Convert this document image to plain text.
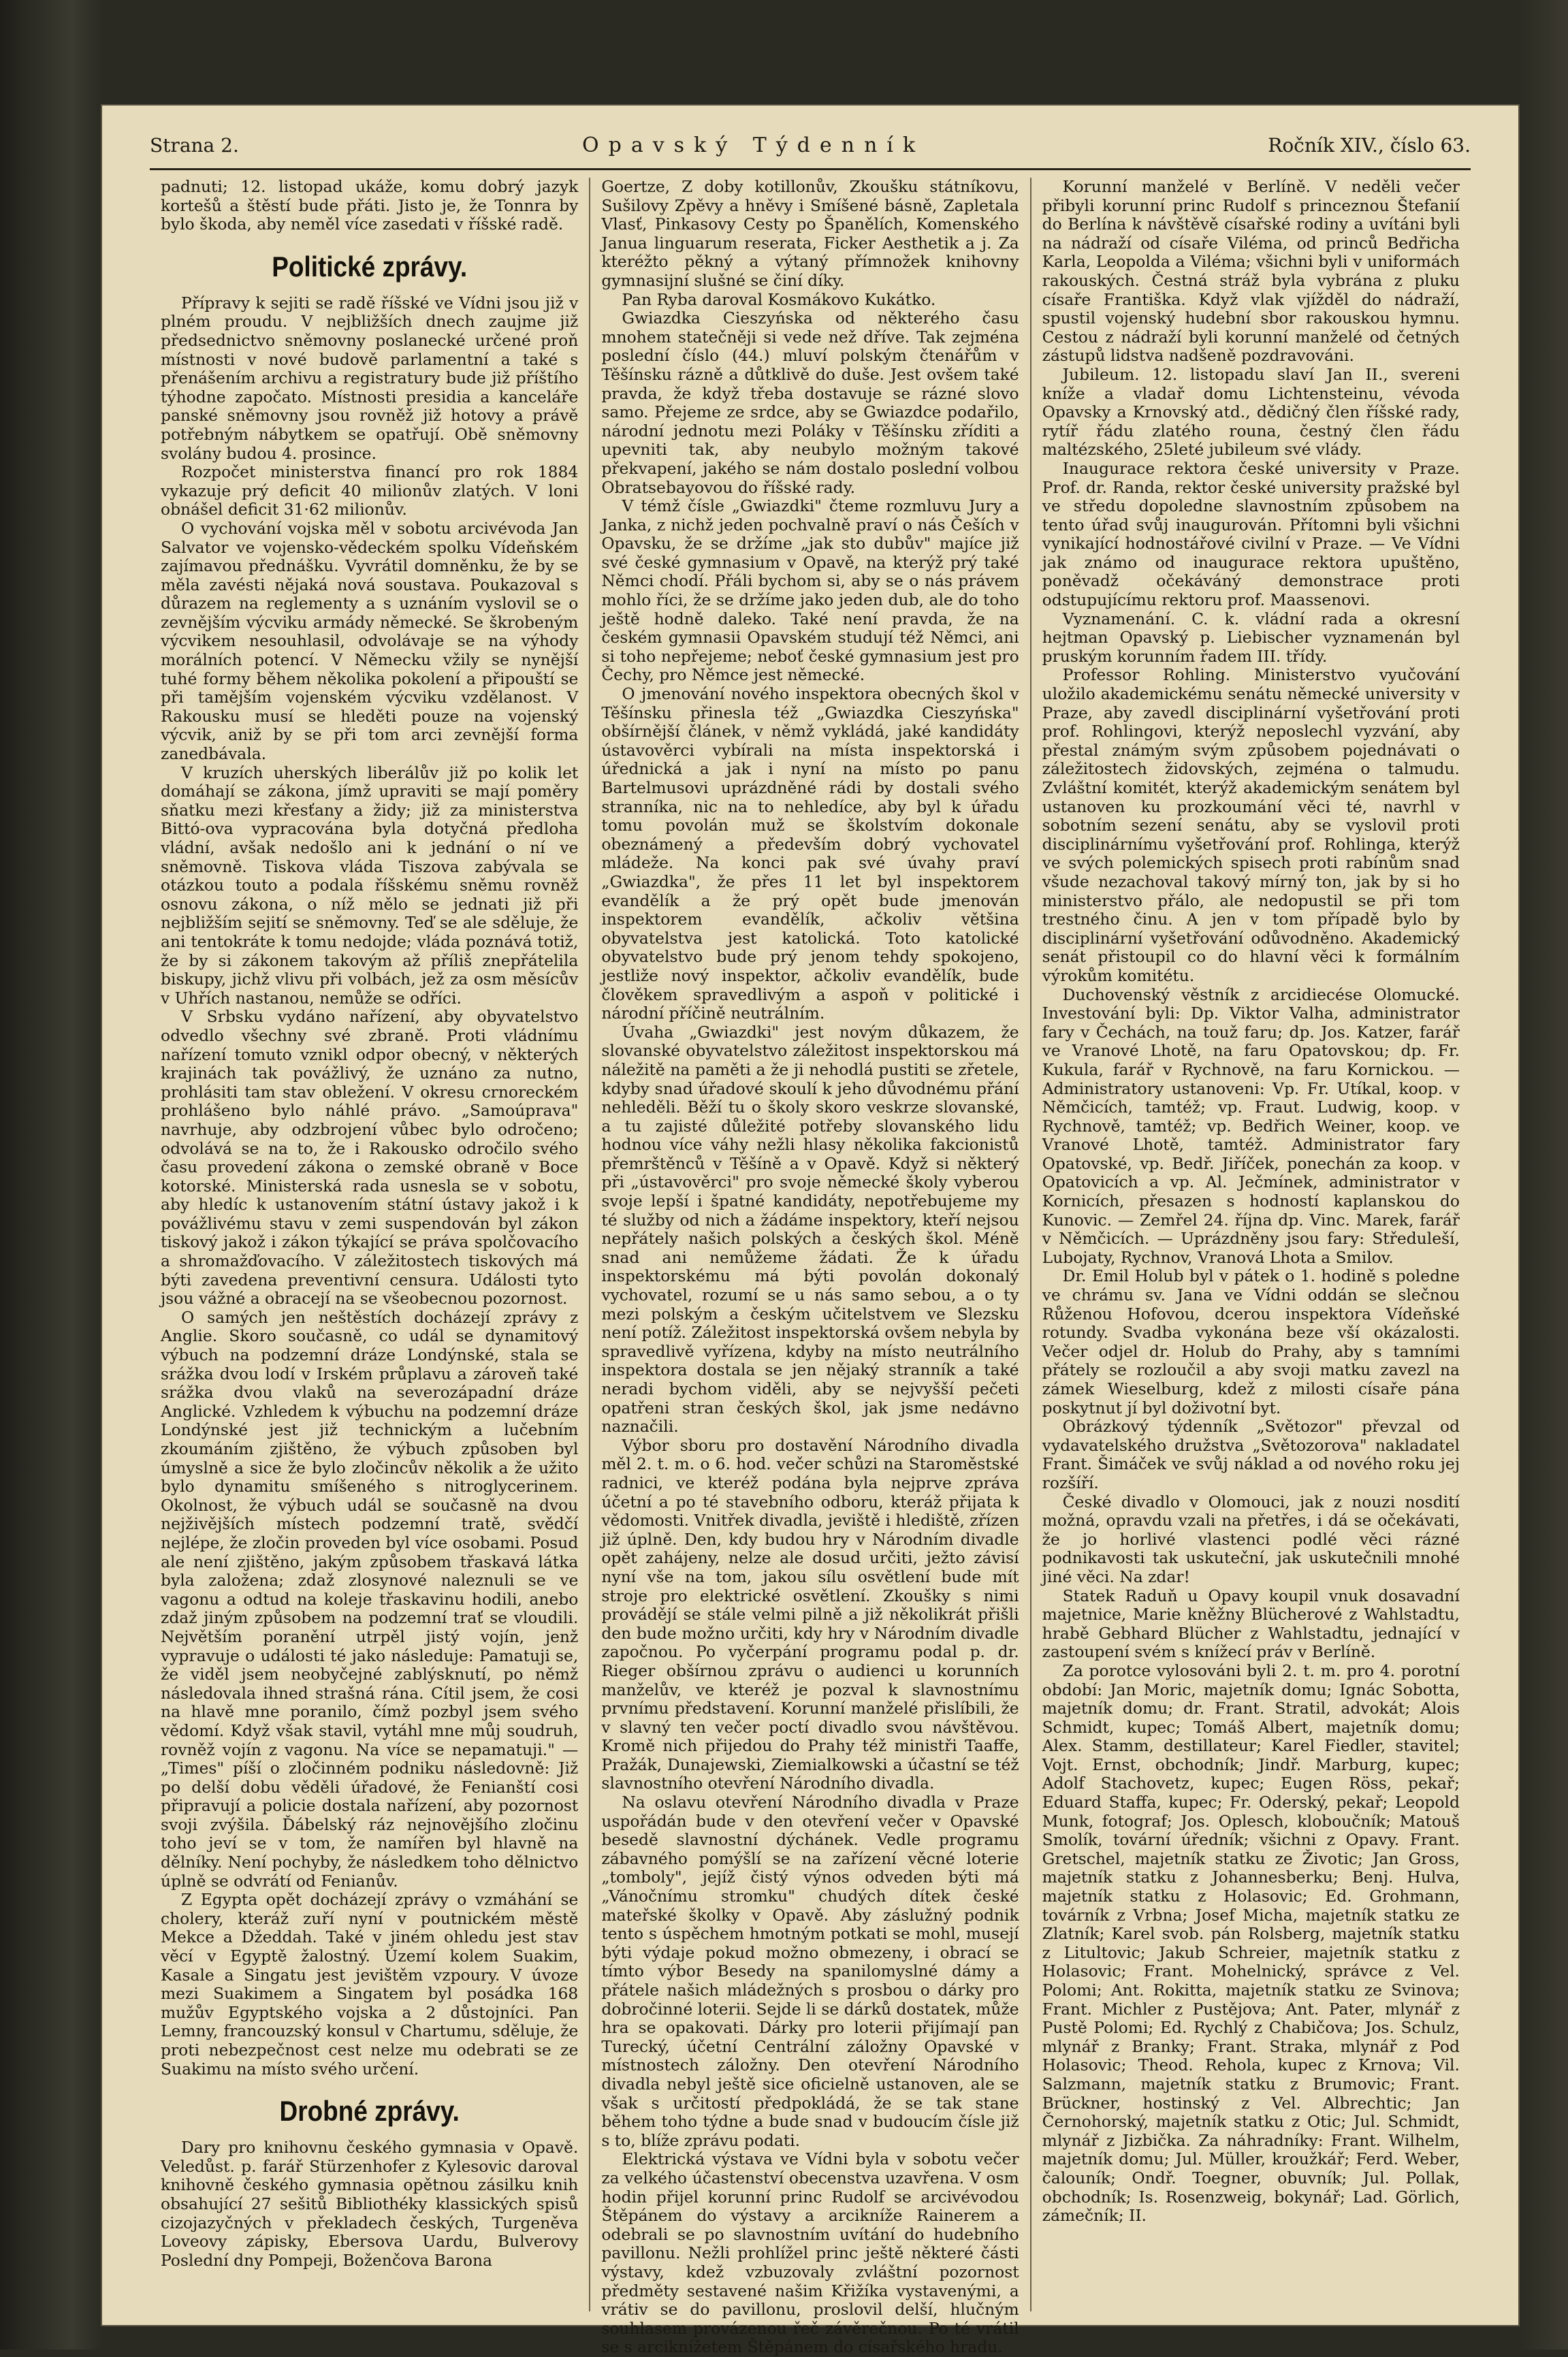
Strana 2.	Opavský Týdenník	Ročník XIV., číslo 63.

padnuti; 12. listopad ukáže, komu dobrý jazyk kortešů a štěstí bude přáti. Jisto je, že Tonnra by bylo škoda, aby neměl více zasedati v říšské radě.

Politické zprávy.

Přípravy k sejiti se radě říšské ve Vídni jsou již v plném proudu. V nejbližších dnech zaujme již předsednictvo sněmovny poslanecké určené proň místnosti v nové budově parlamentní a také s přenášením archivu a registratury bude již příštího týhodne započato. Místnosti presidia a kanceláře panské sněmovny jsou rovněž již hotovy a právě potřebným nábytkem se opatřují. Obě sněmovny svolány budou 4. prosince.

Rozpočet ministerstva financí pro rok 1884 vykazuje prý deficit 40 milionův zlatých. V loni obnášel deficit 31·62 milionův.

O vychování vojska měl v sobotu arcivévoda Jan Salvator ve vojensko-vědeckém spolku Vídeňském zajímavou přednášku. Vyvrátil domněnku, že by se měla zavésti nějaká nová soustava. Poukazoval s důrazem na reglementy a s uznáním vyslovil se o zevnějším výcviku armády německé. Se škrobeným výcvikem nesouhlasil, odvolávaje se na výhody morálních potencí. V Německu vžily se nynější tuhé formy během několika pokolení a připouští se při tamějším vojenském výcviku vzdělanost. V Rakousku musí se hleděti pouze na vojenský výcvik, aniž by se při tom arci zevnější forma zanedbávala.

V kruzích uherských liberálův již po kolik let domáhají se zákona, jímž upraviti se mají poměry sňatku mezi křesťany a židy; již za ministerstva Bittó-ova vypracována byla dotyčná předloha vládní, avšak nedošlo ani k jednání o ní ve sněmovně. Tiskova vláda Tiszova zabývala se otázkou touto a podala říšskému sněmu rovněž osnovu zákona, o níž mělo se jednati již při nejbližším sejití se sněmovny. Teď se ale sděluje, že ani tentokráte k tomu nedojde; vláda poznává totiž, že by si zákonem takovým až příliš znepřátelila biskupy, jichž vlivu při volbách, jež za osm měsícův v Uhřích nastanou, nemůže se odříci.

V Srbsku vydáno nařízení, aby obyvatelstvo odvedlo všechny své zbraně. Proti vládnímu nařízení tomuto vznikl odpor obecný, v některých krajinách tak povážlivý, že uznáno za nutno, prohlásiti tam stav obležení. V okresu crnoreckém prohlášeno bylo náhlé právo. „Samoúprava" navrhuje, aby odzbrojení vůbec bylo odročeno; odvolává se na to, že i Rakousko odročilo svého času provedení zákona o zemské obraně v Boce kotorské. Ministerská rada usnesla se v sobotu, aby hledíc k ustanovením státní ústavy jakož i k povážlivému stavu v zemi suspendován byl zákon tiskový jakož i zákon týkající se práva spolčovacího a shromažďovacího. V záležitostech tiskových má býti zavedena preventivní censura. Události tyto jsou vážné a obracejí na se všeobecnou pozornost.

O samých jen neštěstích docházejí zprávy z Anglie. Skoro současně, co udál se dynamitový výbuch na podzemní dráze Londýnské, stala se srážka dvou lodí v Irském průplavu a zároveň také srážka dvou vlaků na severozápadní dráze Anglické. Vzhledem k výbuchu na podzemní dráze Londýnské jest již technickým a lučebním zkoumáním zjištěno, že výbuch způsoben byl úmyslně a sice že bylo zločincův několik a že užito bylo dynamitu smíšeného s nitroglycerinem. Okolnost, že výbuch udál se současně na dvou nejživějších místech podzemní tratě, svědčí nejlépe, že zločin proveden byl více osobami. Posud ale není zjištěno, jakým způsobem třaskavá látka byla založena; zdaž zlosynové naleznuli se ve vagonu a odtud na koleje třaskavinu hodili, anebo zdaž jiným způsobem na podzemní trať se vloudili. Největším poranění utrpěl jistý vojín, jenž vypravuje o události té jako následuje: Pamatuji se, že viděl jsem neobyčejné zablýsknutí, po němž následovala ihned strašná rána. Cítil jsem, že cosi na hlavě mne poranilo, čímž pozbyl jsem svého vědomí. Když však stavil, vytáhl mne můj soudruh, rovněž vojín z vagonu. Na více se nepamatuji." — „Times" píší o zločinném podniku následovně: Již po delší dobu věděli úřadové, že Fenianští cosi připravují a policie dostala nařízení, aby pozornost svoji zvýšila. Ďábelský ráz nejnovějšího zločinu toho jeví se v tom, že namířen byl hlavně na dělníky. Není pochyby, že následkem toho dělnictvo úplně se odvrátí od Fenianův.

Z Egypta opět docházejí zprávy o vzmáhání se cholery, kteráž zuří nyní v poutnickém městě Mekce a Džeddah. Také v jiném ohledu jest stav věcí v Egyptě žalostný. Území kolem Suakim, Kasale a Singatu jest jevištěm vzpoury. V úvoze mezi Suakimem a Singatem byl posádka 168 mužův Egyptského vojska a 2 důstojníci. Pan Lemny, francouzský konsul v Chartumu, sděluje, že proti nebezpečnost cest nelze mu odebrati se ze Suakimu na místo svého určení.

Drobné zprávy.

Dary pro knihovnu českého gymnasia v Opavě. Veledůst. p. farář Stürzenhofer z Kylesovic daroval knihovně českého gymnasia opětnou zásilku knih obsahující 27 sešitů Bibliothéky klassických spisů cizojazyčných v překladech českých, Turgeněva Loveovy zápisky, Ebersova Uardu, Bulverovy Poslední dny Pompeji, Boženčova Barona

Goertze, Z doby kotillonův, Zkoušku státníkovu, Sušilovy Zpěvy a hněvy i Smíšené básně, Zapletala Vlasť, Pinkasovy Cesty po Španělích, Komenského Janua linguarum reserata, Ficker Aesthetik a j. Za kteréžto pěkný a výtaný přímnožek knihovny gymnasijní slušné se činí díky.

Pan Ryba daroval Kosmákovo Kukátko.

Gwiazdka Cieszyńska od některého času mnohem statečněji si vede než dříve. Tak zejména poslední číslo (44.) mluví polským čtenářům v Těšínsku rázně a důtklivě do duše. Jest ovšem také pravda, že když třeba dostavuje se rázné slovo samo. Přejeme ze srdce, aby se Gwiazdce podařilo, národní jednotu mezi Poláky v Těšínsku zříditi a upevniti tak, aby neubylo možným takové překvapení, jakého se nám dostalo poslední volbou Obratsebayovou do říšské rady.

V témž čísle „Gwiazdki" čteme rozmluvu Jury a Janka, z nichž jeden pochvalně praví o nás Češích v Opavsku, že se držíme „jak sto dubův" majíce již své české gymnasium v Opavě, na kterýž prý také Němci chodí. Přáli bychom si, aby se o nás právem mohlo říci, že se držíme jako jeden dub, ale do toho ještě hodně daleko. Také není pravda, že na českém gymnasii Opavském studují též Němci, ani si toho nepřejeme; neboť české gymnasium jest pro Čechy, pro Němce jest německé.

O jmenování nového inspektora obecných škol v Těšínsku přinesla též „Gwiazdka Cieszyńska" obšírnější článek, v němž vykládá, jaké kandidáty ústavověrci vybírali na místa inspektorská i úřednická a jak i nyní na místo po panu Bartelmusovi uprázdněné rádi by dostali svého stranníka, nic na to nehledíce, aby byl k úřadu tomu povolán muž se školstvím dokonale obeznámený a především dobrý vychovatel mládeže. Na konci pak své úvahy praví „Gwiazdka", že přes 11 let byl inspektorem evandělík a že prý opět bude jmenován inspektorem evandělík, ačkoliv většina obyvatelstva jest katolická. Toto katolické obyvatelstvo bude prý jenom tehdy spokojeno, jestliže nový inspektor, ačkoliv evandělík, bude člověkem spravedlivým a aspoň v politické i národní příčině neutrálním.

Úvaha „Gwiazdki" jest novým důkazem, že slovanské obyvatelstvo záležitost inspektorskou má náležitě na paměti a že ji nehodlá pustiti se zřetele, kdyby snad úřadové skoulí k jeho důvodnému přání nehleděli. Běží tu o školy skoro veskrze slovanské, a tu zajisté důležité potřeby slovanského lidu hodnou více váhy nežli hlasy několika fakcionistů přemrštěnců v Těšíně a v Opavě. Když si některý při „ústavověrci" pro svoje německé školy vyberou svoje lepší i špatné kandidáty, nepotřebujeme my té služby od nich a žádáme inspektory, kteří nejsou nepřátely našich polských a českých škol. Méně snad ani nemůžeme žádati. Že k úřadu inspektorskému má býti povolán dokonalý vychovatel, rozumí se u nás samo sebou, a o ty mezi polským a českým učitelstvem ve Slezsku není potíž. Záležitost inspektorská ovšem nebyla by spravedlivě vyřízena, kdyby na místo neutrálního inspektora dostala se jen nějaký stranník a také neradi bychom viděli, aby se nejvyšší pečeti opatřeni stran českých škol, jak jsme nedávno naznačili.

Výbor sboru pro dostavění Národního divadla měl 2. t. m. o 6. hod. večer schůzi na Staroměstské radnici, ve kteréž podána byla nejprve zpráva účetní a po té stavebního odboru, kteráž přijata k vědomosti. Vnitřek divadla, jeviště i hlediště, zřízen již úplně. Den, kdy budou hry v Národním divadle opět zahájeny, nelze ale dosud určiti, ježto závisí nyní vše na tom, jakou sílu osvětlení bude mít stroje pro elektrické osvětlení. Zkoušky s nimi provádějí se stále velmi pilně a již několikrát přišli den bude možno určiti, kdy hry v Národním divadle započnou. Po vyčerpání programu podal p. dr. Rieger obšírnou zprávu o audienci u korunních manželův, ve kteréž je pozval k slavnostnímu prvnímu představení. Korunní manželé přislíbili, že v slavný ten večer poctí divadlo svou návštěvou. Kromě nich přijedou do Prahy též ministři Taaffe, Pražák, Dunajewski, Ziemialkowski a účastní se též slavnostního otevření Národního divadla.

Na oslavu otevření Národního divadla v Praze uspořádán bude v den otevření večer v Opavské besedě slavnostní dýchánek. Vedle programu zábavného pomýšlí se na zařízení věcné loterie „tomboly", jejíž čistý výnos odveden býti má „Vánočnímu stromku" chudých dítek české mateřské školky v Opavě. Aby záslužný podnik tento s úspěchem hmotným potkati se mohl, musejí býti výdaje pokud možno obmezeny, i obrací se tímto výbor Besedy na spanilomyslné dámy a přátele našich mládežných s prosbou o dárky pro dobročinné loterii. Sejde li se dárků dostatek, může hra se opakovati. Dárky pro loterii přijímají pan Turecký, účetní Centrální záložny Opavské v místnostech záložny. Den otevření Národního divadla nebyl ještě sice oficielně ustanoven, ale se však s určitostí předpokládá, že se tak stane během toho týdne a bude snad v budoucím čísle již s to, blíže zprávu podati.

Elektrická výstava ve Vídni byla v sobotu večer za velkého účastenství obecenstva uzavřena. V osm hodin přijel korunní princ Rudolf se arcivévodou Štěpánem do výstavy a arcikníže Rainerem a odebrali se po slavnostním uvítání do hudebního pavillonu. Nežli prohlížel princ ještě některé části výstavy, kdež vzbuzovaly zvláštní pozornost předměty sestavené našim Křižíka vystavenými, a vrátiv se do pavillonu, proslovil delší, hlučným souhlasem provázenou řeč závěrečnou. Po té vrátil se s arciknížetem Štěpánem do císařského hradu.

Korunní manželé v Berlíně. V neděli večer přibyli korunní princ Rudolf s princeznou Štefanií do Berlína k návštěvě císařské rodiny a uvítáni byli na nádraží od císaře Viléma, od princů Bedřicha Karla, Leopolda a Viléma; všichni byli v uniformách rakouských. Čestná stráž byla vybrána z pluku císaře Františka. Když vlak vjížděl do nádraží, spustil vojenský hudební sbor rakouskou hymnu. Cestou z nádraží byli korunní manželé od četných zástupů lidstva nadšeně pozdravováni.

Jubileum. 12. listopadu slaví Jan II., svereni kníže a vladař domu Lichtensteinu, vévoda Opavsky a Krnovský atd., dědičný člen říšské rady, rytíř řádu zlatého rouna, čestný člen řádu maltézského, 25leté jubileum své vlády.

Inaugurace rektora české university v Praze. Prof. dr. Randa, rektor české university pražské byl ve středu dopoledne slavnostním způsobem na tento úřad svůj inaugurován. Přítomni byli všichni vynikající hodnostářové civilní v Praze. — Ve Vídni jak známo od inaugurace rektora upuštěno, poněvadž očekáváný demonstrace proti odstupujícímu rektoru prof. Maassenovi.

Vyznamenání. C. k. vládní rada a okresní hejtman Opavský p. Liebischer vyznamenán byl pruským korunním řadem III. třídy.

Professor Rohling. Ministerstvo vyučování uložilo akademickému senátu německé university v Praze, aby zavedl disciplinární vyšetřování proti prof. Rohlingovi, kterýž neposlechl vyzvání, aby přestal známým svým způsobem pojednávati o záležitostech židovských, zejména o talmudu. Zvláštní komitét, kterýž akademickým senátem byl ustanoven ku prozkoumání věci té, navrhl v sobotním sezení senátu, aby se vyslovil proti disciplinárnímu vyšetřování prof. Rohlinga, kterýž ve svých polemických spisech proti rabínům snad všude nezachoval takový mírný ton, jak by si ho ministerstvo přálo, ale nedopustil se při tom trestného činu. A jen v tom případě bylo by disciplinární vyšetřování odůvodněno. Akademický senát přistoupil co do hlavní věci k formálním výrokům komitétu.

Duchovenský věstník z arcidiecése Olomucké. Investování byli: Dp. Viktor Valha, administrator fary v Čechách, na touž faru; dp. Jos. Katzer, farář ve Vranové Lhotě, na faru Opatovskou; dp. Fr. Kukula, farář v Rychnově, na faru Kornickou. — Administratory ustanoveni: Vp. Fr. Utíkal, koop. v Němčicích, tamtéž; vp. Fraut. Ludwig, koop. v Rychnově, tamtéž; vp. Bedřich Weiner, koop. ve Vranové Lhotě, tamtéž. Administrator fary Opatovské, vp. Bedř. Jiříček, ponechán za koop. v Opatovicích a vp. Al. Ječmínek, administrator v Kornicích, přesazen s hodností kaplanskou do Kunovic. — Zemřel 24. října dp. Vinc. Marek, farář v Němčicích. — Uprázdněny jsou fary: Středuleší, Lubojaty, Rychnov, Vranová Lhota a Smilov.

Dr. Emil Holub byl v pátek o 1. hodině s poledne ve chrámu sv. Jana ve Vídni oddán se slečnou Růženou Hofovou, dcerou inspektora Vídeňské rotundy. Svadba vykonána beze vší okázalosti. Večer odjel dr. Holub do Prahy, aby s tamními přátely se rozloučil a aby svoji matku zavezl na zámek Wieselburg, kdež z milosti císaře pána poskytnut jí byl doživotní byt.

Obrázkový týdenník „Světozor" převzal od vydavatelského družstva „Světozorova" nakladatel Frant. Šimáček ve svůj náklad a od nového roku jej rozšíří.

České divadlo v Olomouci, jak z nouzi nosdití možná, opravdu vzali na přetřes, i dá se očekávati, že jo horlivé vlastenci podlé věci rázné podnikavosti tak uskuteční, jak uskutečnili mnohé jiné věci. Na zdar!

Statek Raduň u Opavy koupil vnuk dosavadní majetnice, Marie kněžny Blücherové z Wahlstadtu, hrabě Gebhard Blücher z Wahlstadtu, jednající v zastoupení svém s knížecí práv v Berlíně.

Za porotce vylosováni byli 2. t. m. pro 4. porotní období: Jan Moric, majetník domu; Ignác Sobotta, majetník domu; dr. Frant. Stratil, advokát; Alois Schmidt, kupec; Tomáš Albert, majetník domu; Alex. Stamm, destillateur; Karel Fiedler, stavitel; Vojt. Ernst, obchodník; Jindř. Marburg, kupec; Adolf Stachovetz, kupec; Eugen Röss, pekař; Eduard Staffa, kupec; Fr. Oderský, pekař; Leopold Munk, fotograf; Jos. Oplesch, kloboučník; Matouš Smolík, tovární úředník; všichni z Opavy. Frant. Gretschel, majetník statku ze Životic; Jan Gross, majetník statku z Johannesberku; Benj. Hulva, majetník statku z Holasovic; Ed. Grohmann, továrník z Vrbna; Josef Micha, majetník statku ze Zlatník; Karel svob. pán Rolsberg, majetník statku z Litultovic; Jakub Schreier, majetník statku z Holasovic; Frant. Mohelnický, správce z Vel. Polomi; Ant. Rokitta, majetník statku ze Svinova; Frant. Michler z Pustějova; Ant. Pater, mlynář z Pustě Polomi; Ed. Rychlý z Chabičova; Jos. Schulz, mlynář z Branky; Frant. Straka, mlynář z Pod Holasovic; Theod. Rehola, kupec z Krnova; Vil. Salzmann, majetník statku z Brumovic; Frant. Brückner, hostinský z Vel. Albrechtic; Jan Černohorský, majetník statku z Otic; Jul. Schmidt, mlynář z Jizbička. Za náhradníky: Frant. Wilhelm, majetník domu; Jul. Müller, kroužkář; Ferd. Weber, čalouník; Ondř. Toegner, obuvník; Jul. Pollak, obchodník; Is. Rosenzweig, bokynář; Lad. Görlich, zámečník; II.
